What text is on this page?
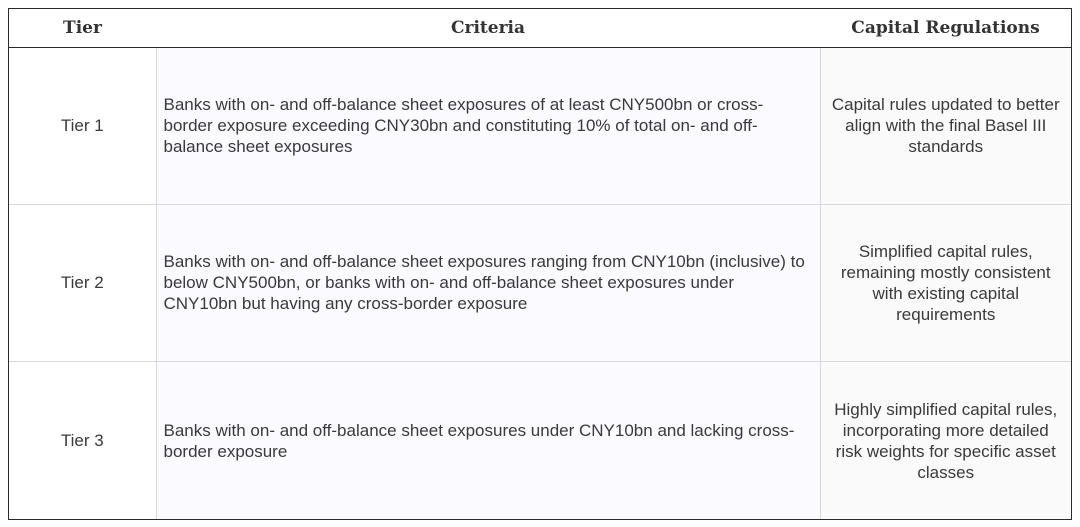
Tier	Criteria	Capital Regulations
Tier 1	Banks with on- and off-balance sheet exposures of at least CNY500bn or cross-border exposure exceeding CNY30bn and constituting 10% of total on- and off-balance sheet exposures	Capital rules updated to better align with the final Basel III standards
Tier 2	Banks with on- and off-balance sheet exposures ranging from CNY10bn (inclusive) to below CNY500bn, or banks with on- and off-balance sheet exposures under CNY10bn but having any cross-border exposure	Simplified capital rules, remaining mostly consistent with existing capital requirements
Tier 3	Banks with on- and off-balance sheet exposures under CNY10bn and lacking cross-border exposure	Highly simplified capital rules, incorporating more detailed risk weights for specific asset classes
